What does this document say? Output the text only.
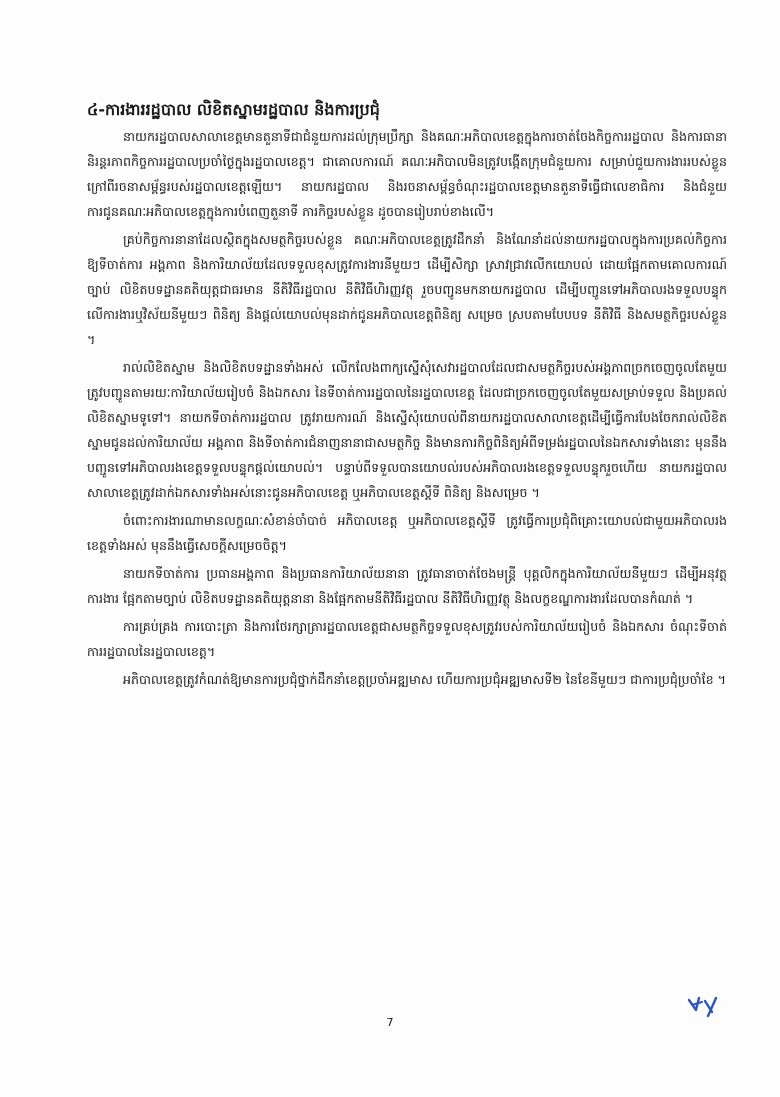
៤-ការងាររដ្ឋបាល លិខិតស្នាមរដ្ឋបាល និងការប្រជុំ

នាយករដ្ឋបាលសាលាខេត្តមានតួនាទីជាជំនួយការដល់ក្រុមប្រឹក្សា និងគណៈអភិបាលខេត្តក្នុងការចាត់ចែងកិច្ចការរដ្ឋបាល និងការធានានិរន្តរភាពកិច្ចការរដ្ឋបាលប្រចាំថ្ងៃក្នុងរដ្ឋបាលខេត្ត។ ជាគោលការណ៍ គណៈអភិបាលមិនត្រូវបង្កើតក្រុមជំនួយការ សម្រាប់ជួយការងាររបស់ខ្លួនក្រៅពីរចនាសម្ព័ន្ធរបស់រដ្ឋបាលខេត្តឡើយ។ នាយករដ្ឋបាល និងរចនាសម្ព័ន្ធចំណុះរដ្ឋបាលខេត្តមានតួនាទីធ្វើជាលេខាធិការ និងជំនួយការជូនគណៈអភិបាលខេត្តក្នុងការបំពេញតួនាទី ភារកិច្ចរបស់ខ្លួន ដូចបានរៀបរាប់ខាងលើ។

គ្រប់កិច្ចការនានាដែលស្ថិតក្នុងសមត្ថកិច្ចរបស់ខ្លួន គណៈអភិបាលខេត្តត្រូវដឹកនាំ និងណែនាំដល់នាយករដ្ឋបាលក្នុងការប្រគល់កិច្ចការឱ្យទីចាត់ការ អង្គភាព និងការិយាល័យដែលទទួលខុសត្រូវការងារនីមួយៗ ដើម្បីសិក្សា ស្រាវជ្រាវលើកយោបល់ ដោយផ្អែកតាមគោលការណ៍ច្បាប់ លិខិតបទដ្ឋានគតិយុត្តជាធរមាន នីតិវិធីរដ្ឋបាល នីតិវិធីហិរញ្ញវត្ថុ រួចបញ្ជូនមកនាយករដ្ឋបាល ដើម្បីបញ្ជូនទៅអភិបាលរងទទួលបន្ទុកលើការងារឬវិស័យនីមួយៗ ពិនិត្យ និងផ្តល់យោបល់មុនដាក់ជូនអភិបាលខេត្តពិនិត្យ សម្រេច ស្របតាមបែបបទ នីតិវិធី និងសមត្ថកិច្ចរបស់ខ្លួន ។

រាល់លិខិតស្នាម និងលិខិតបទដ្ឋានទាំងអស់ លើកលែងពាក្យស្នើសុំសេវារដ្ឋបាលដែលជាសមត្ថកិច្ចរបស់អង្គភាពច្រកចេញចូលតែមួយ ត្រូវបញ្ជូនតាមរយៈការិយាល័យរៀបចំ និងឯកសារ នៃទីចាត់ការរដ្ឋបាលនៃរដ្ឋបាលខេត្ត ដែលជាច្រកចេញចូលតែមួយសម្រាប់ទទួល និងប្រគល់លិខិតស្នាមទូទៅ។ នាយកទីចាត់ការរដ្ឋបាល ត្រូវរាយការណ៍ និងស្នើសុំយោបល់ពីនាយករដ្ឋបាលសាលាខេត្តដើម្បីធ្វើការបែងចែករាល់លិខិតស្នាមជូនដល់ការិយាល័យ អង្គភាព និងទីចាត់ការជំនាញនានាជាសមត្ថកិច្ច និងមានភារកិច្ចពិនិត្យអំពីទម្រង់រដ្ឋបាលនៃឯកសារទាំងនោះ មុននឹងបញ្ជូនទៅអភិបាលរងខេត្តទទួលបន្ទុកផ្តល់យោបល់។ បន្ទាប់ពីទទួលបានយោបល់របស់អភិបាលរងខេត្តទទួលបន្ទុករួចហើយ នាយករដ្ឋបាលសាលាខេត្តត្រូវដាក់ឯកសារទាំងអស់នោះជូនអភិបាលខេត្ត ឬអភិបាលខេត្តស្តីទី ពិនិត្យ និងសម្រេច ។

ចំពោះការងារណាមានលក្ខណៈសំខាន់ចាំបាច់ អភិបាលខេត្ត ឬអភិបាលខេត្តស្តីទី ត្រូវធ្វើការប្រជុំពិគ្រោះយោបល់ជាមួយអភិបាលរងខេត្តទាំងអស់ មុននឹងធ្វើសេចក្តីសម្រេចចិត្ត។

នាយកទីចាត់ការ ប្រធានអង្គភាព និងប្រធានការិយាល័យនានា ត្រូវធានាចាត់ចែងមន្ត្រី បុគ្គលិកក្នុងការិយាល័យនីមួយៗ ដើម្បីអនុវត្តការងារ ផ្អែកតាមច្បាប់ លិខិតបទដ្ឋានគតិយុត្តនានា និងផ្អែកតាមនីតិវិធីរដ្ឋបាល នីតិវិធីហិរញ្ញវត្ថុ និងលក្ខខណ្ឌការងារដែលបានកំណត់ ។

ការគ្រប់គ្រង ការបោះត្រា និងការថែរក្សាត្រារដ្ឋបាលខេត្តជាសមត្ថកិច្ចទទួលខុសត្រូវរបស់ការិយាល័យរៀបចំ និងឯកសារ ចំណុះទីចាត់ការរដ្ឋបាលនៃរដ្ឋបាលខេត្ត។

អភិបាលខេត្តត្រូវកំណត់ឱ្យមានការប្រជុំថ្នាក់ដឹកនាំខេត្តប្រចាំអឌ្ឍមាស ហើយការប្រជុំអឌ្ឍមាសទី២ នៃខែនីមួយៗ ជាការប្រជុំប្រចាំខែ ។

7
